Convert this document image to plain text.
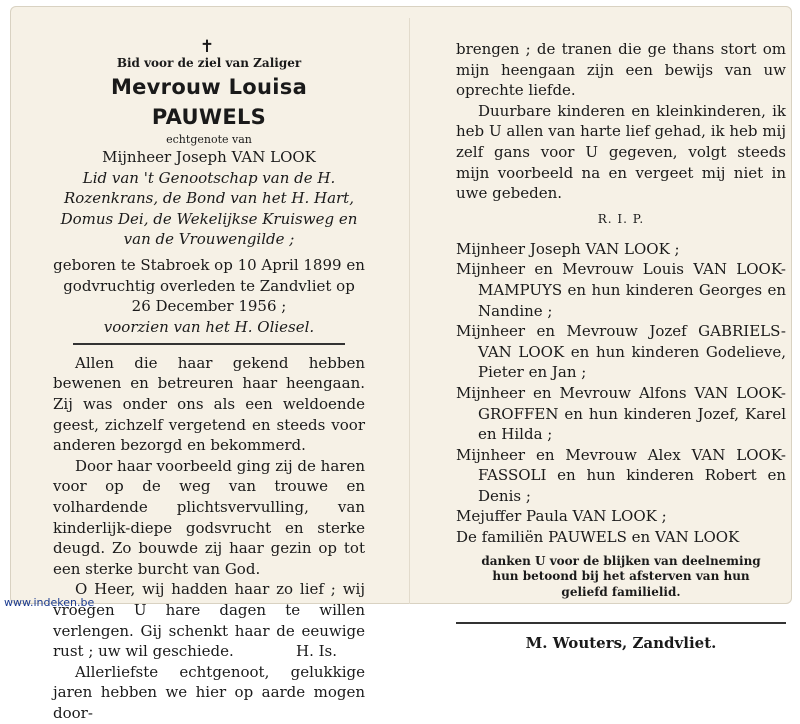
✝
Bid voor de ziel van Zaliger
Mevrouw Louisa PAUWELS
echtgenote van
Mijnheer Joseph VAN LOOK
Lid van 't Genootschap van de H. Rozenkrans, de Bond van het H. Hart, Domus Dei, de Wekelijkse Kruisweg en van de Vrouwengilde ;
geboren te Stabroek op 10 April 1899 en godvruchtig overleden te Zandvliet op 26 December 1956 ;
voorzien van het H. Oliesel.

Allen die haar gekend hebben bewenen en betreuren haar heengaan. Zij was onder ons als een weldoende geest, zichzelf vergetend en steeds voor anderen bezorgd en bekommerd.

Door haar voorbeeld ging zij de haren voor op de weg van trouwe en volhardende plichtsvervulling, van kinderlijk-diepe godsvrucht en sterke deugd. Zo bouwde zij haar gezin op tot een sterke burcht van God.

O Heer, wij hadden haar zo lief ; wij vroegen U hare dagen te willen verlengen. Gij schenkt haar de eeuwige rust ; uw wil geschiede.	H. Is.

Allerliefste echtgenoot, gelukkige jaren hebben we hier op aarde mogen door-

brengen ; de tranen die ge thans stort om mijn heengaan zijn een bewijs van uw oprechte liefde.

Duurbare kinderen en kleinkinderen, ik heb U allen van harte lief gehad, ik heb mij zelf gans voor U gegeven, volgt steeds mijn voorbeeld na en vergeet mij niet in uwe gebeden.

R. I. P.

Mijnheer Joseph VAN LOOK ;

Mijnheer en Mevrouw Louis VAN LOOK-MAMPUYS en hun kinderen Georges en Nandine ;

Mijnheer en Mevrouw Jozef GABRIELS-VAN LOOK en hun kinderen Godelieve, Pieter en Jan ;

Mijnheer en Mevrouw Alfons VAN LOOK-GROFFEN en hun kinderen Jozef, Karel en Hilda ;

Mijnheer en Mevrouw Alex VAN LOOK-FASSOLI en hun kinderen Robert en Denis ;

Mejuffer Paula VAN LOOK ;

De familiën PAUWELS en VAN LOOK

danken U voor de blijken van deelneming hun betoond bij het afsterven van hun geliefd familielid.
M. Wouters, Zandvliet.
www.indeken.be
